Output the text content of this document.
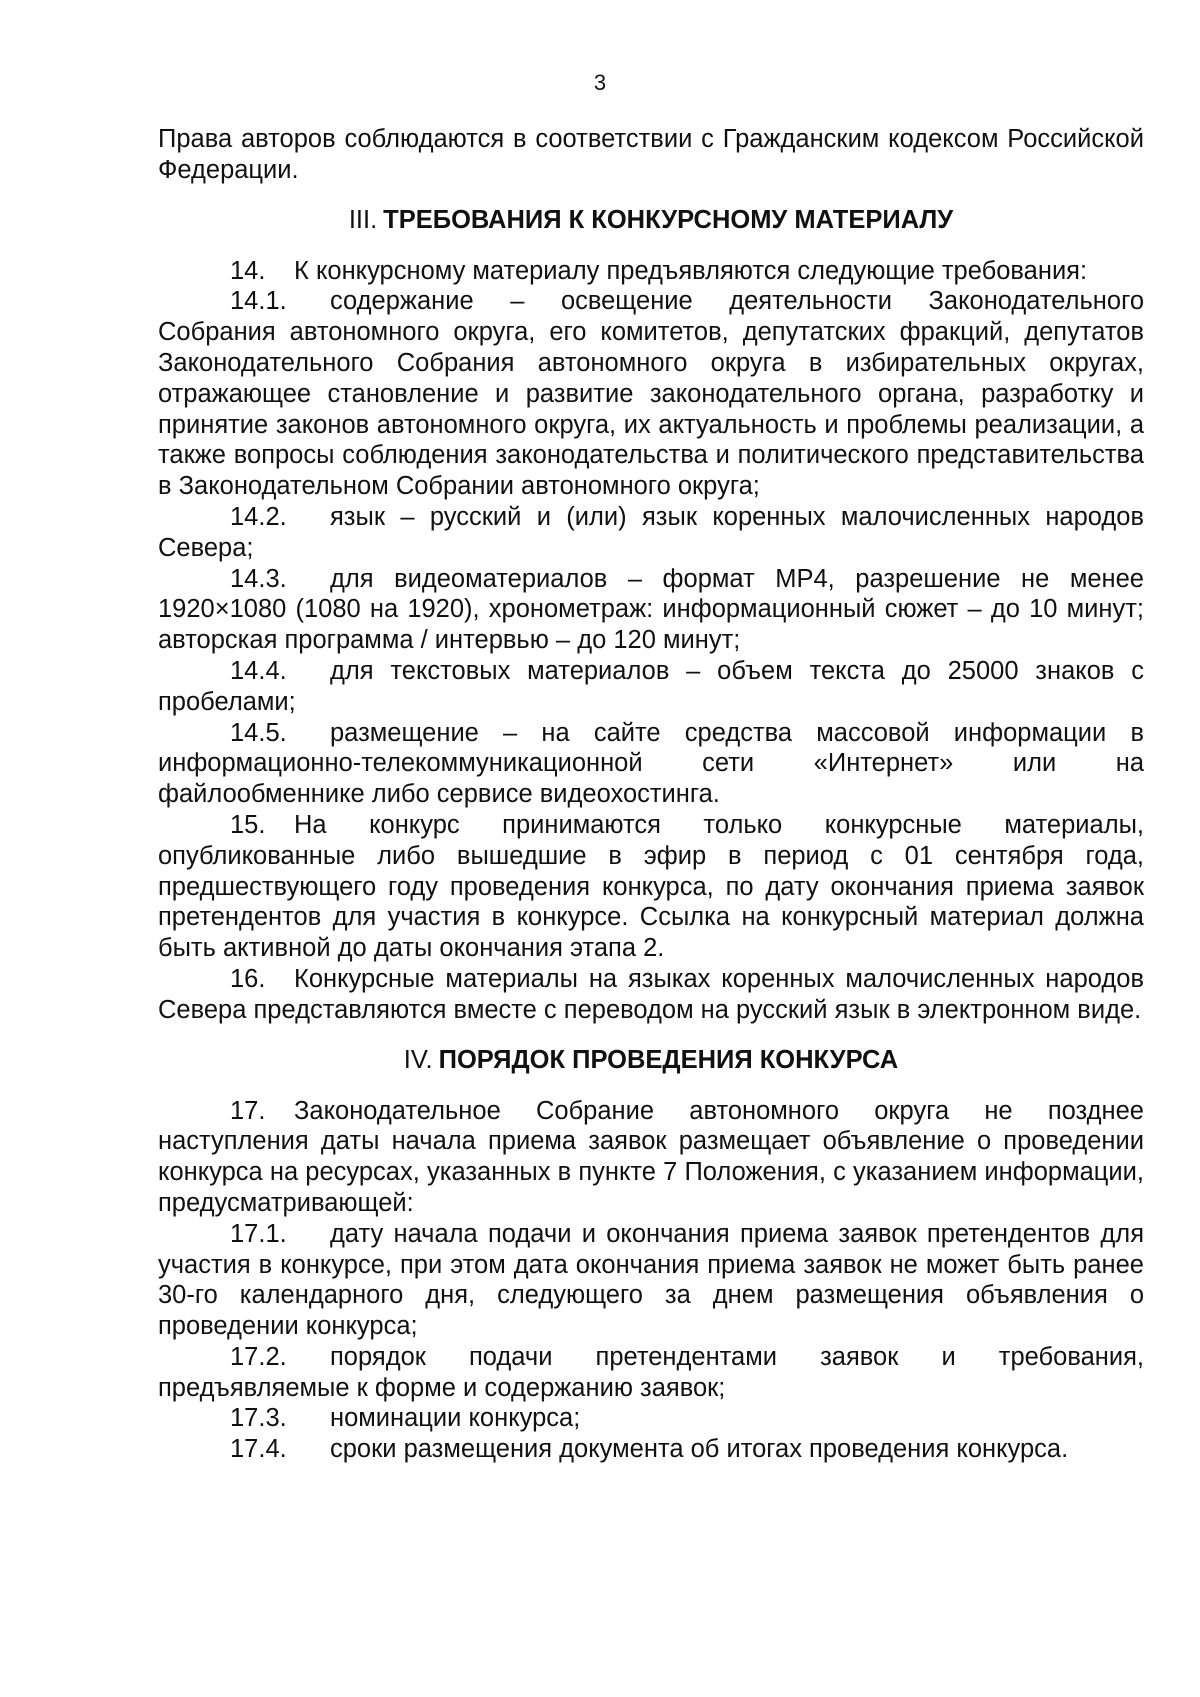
3

Права авторов соблюдаются в соответствии с Гражданским кодексом Российской Федерации.

III. ТРЕБОВАНИЯ К КОНКУРСНОМУ МАТЕРИАЛУ

14. К конкурсному материалу предъявляются следующие требования:

14.1. содержание – освещение деятельности Законодательного Собрания автономного округа, его комитетов, депутатских фракций, депутатов Законодательного Собрания автономного округа в избирательных округах, отражающее становление и развитие законодательного органа, разработку и принятие законов автономного округа, их актуальность и проблемы реализации, а также вопросы соблюдения законодательства и политического представительства в Законодательном Собрании автономного округа;

14.2. язык – русский и (или) язык коренных малочисленных народов Севера;

14.3. для видеоматериалов – формат MP4, разрешение не менее 1920×1080 (1080 на 1920), хронометраж: информационный сюжет – до 10 минут; авторская программа / интервью – до 120 минут;

14.4. для текстовых материалов – объем текста до 25000 знаков с пробелами;

14.5. размещение – на сайте средства массовой информации в информационно-телекоммуникационной сети «Интернет» или на файлообменнике либо сервисе видеохостинга.

15. На конкурс принимаются только конкурсные материалы, опубликованные либо вышедшие в эфир в период с 01 сентября года, предшествующего году проведения конкурса, по дату окончания приема заявок претендентов для участия в конкурсе. Ссылка на конкурсный материал должна быть активной до даты окончания этапа 2.

16. Конкурсные материалы на языках коренных малочисленных народов Севера представляются вместе с переводом на русский язык в электронном виде.

IV. ПОРЯДОК ПРОВЕДЕНИЯ КОНКУРСА

17. Законодательное Собрание автономного округа не позднее наступления даты начала приема заявок размещает объявление о проведении конкурса на ресурсах, указанных в пункте 7 Положения, с указанием информации, предусматривающей:

17.1. дату начала подачи и окончания приема заявок претендентов для участия в конкурсе, при этом дата окончания приема заявок не может быть ранее 30-го календарного дня, следующего за днем размещения объявления о проведении конкурса;

17.2. порядок подачи претендентами заявок и требования, предъявляемые к форме и содержанию заявок;

17.3. номинации конкурса;

17.4. сроки размещения документа об итогах проведения конкурса.
